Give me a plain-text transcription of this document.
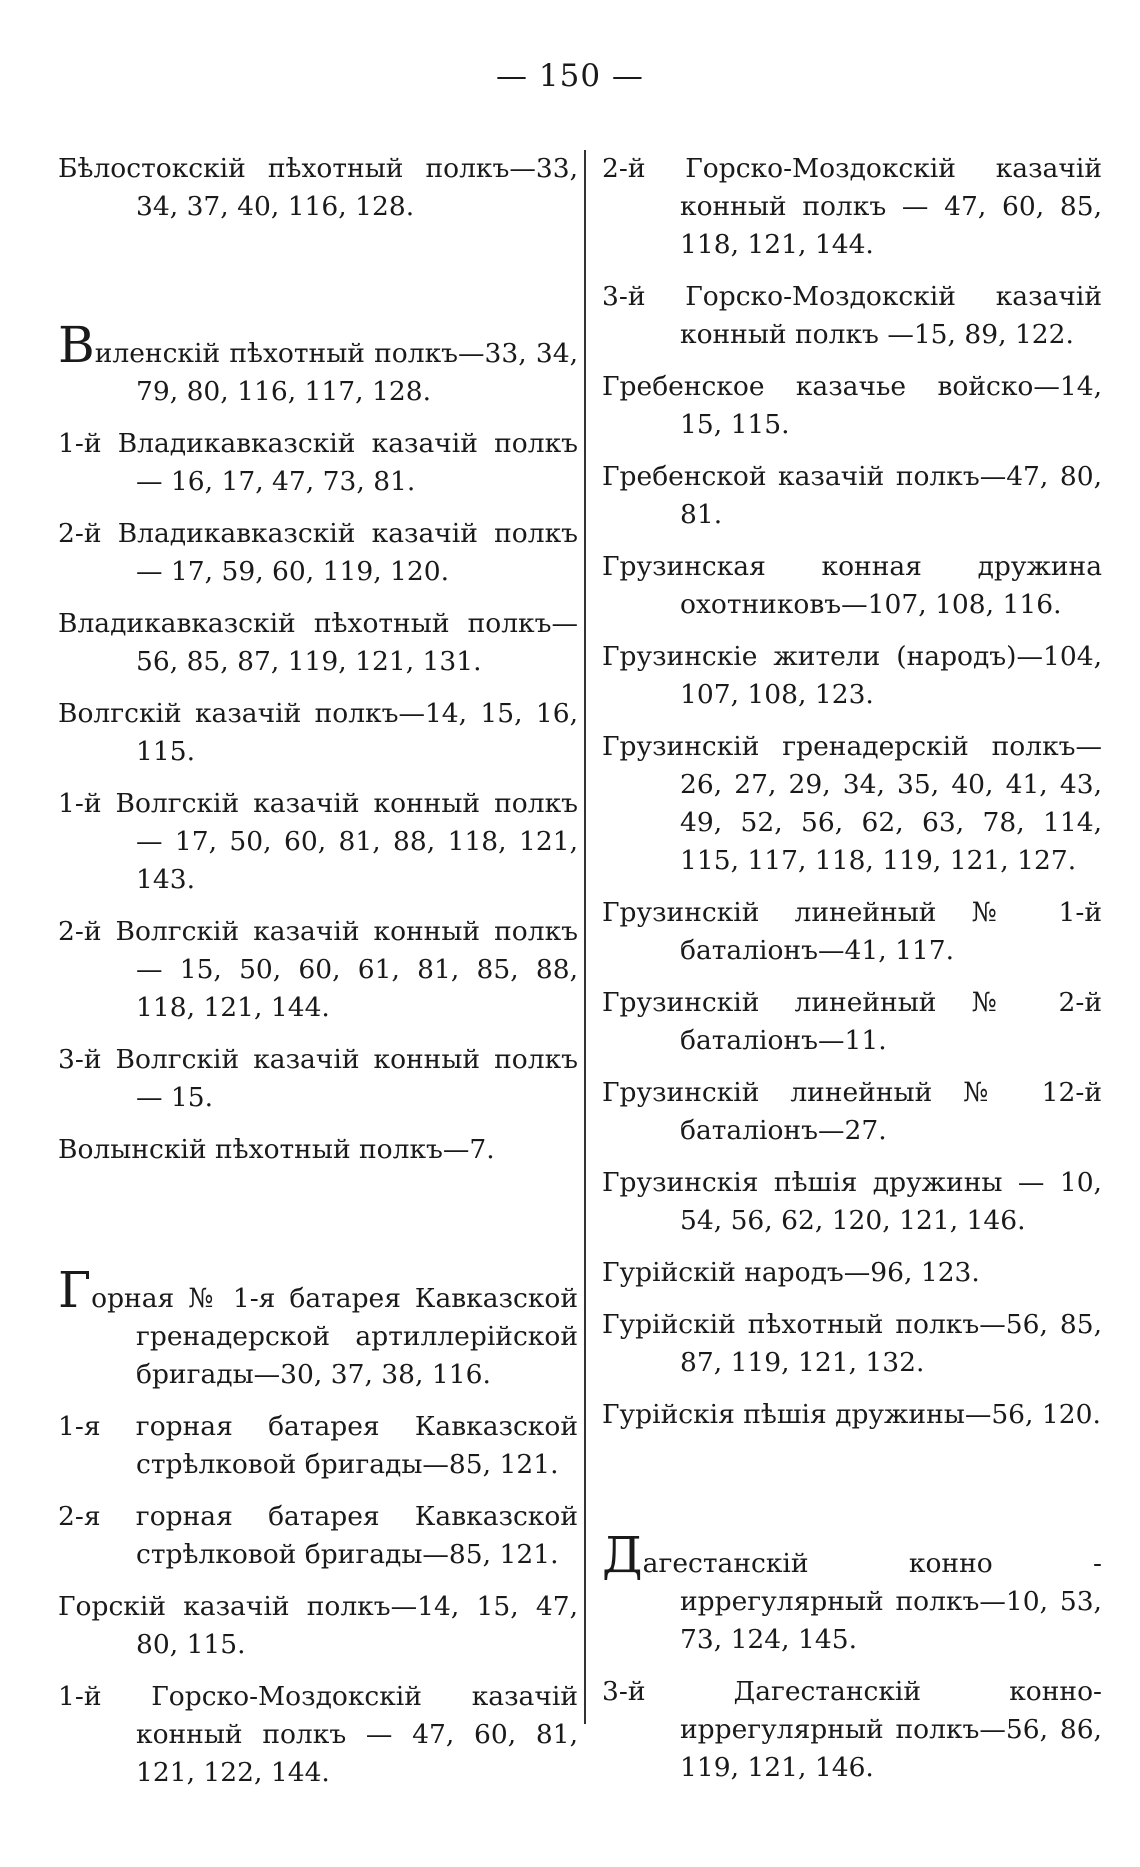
— 150 —
Бѣлостокскій пѣхотный полкъ—33, 34, 37, 40, 116, 128.
Виленскій пѣхотный полкъ—33, 34, 79, 80, 116, 117, 128.
1-й Владикавказскій казачій полкъ— 16, 17, 47, 73, 81.
2-й Владикавказскій казачій полкъ— 17, 59, 60, 119, 120.
Владикавказскій пѣхотный полкъ— 56, 85, 87, 119, 121, 131.
Волгскій казачій полкъ—14, 15, 16, 115.
1-й Волгскій казачій конный полкъ— 17, 50, 60, 81, 88, 118, 121, 143.
2-й Волгскій казачій конный полкъ— 15, 50, 60, 61, 81, 85, 88, 118, 121, 144.
3-й Волгскій казачій конный полкъ— 15.
Волынскій пѣхотный полкъ—7.
Горная № 1-я батарея Кавказской гренадерской артиллерійской бригады—30, 37, 38, 116.
1-я горная батарея Кавказской стрѣлковой бригады—85, 121.
2-я горная батарея Кавказской стрѣлковой бригады—85, 121.
Горскій казачій полкъ—14, 15, 47, 80, 115.
1-й Горско-Моздокскій казачій конный полкъ — 47, 60, 81, 121, 122, 144.
2-й Горско-Моздокскій казачій конный полкъ — 47, 60, 85, 118, 121, 144.
3-й Горско-Моздокскій казачій конный полкъ —15, 89, 122.
Гребенское казачье войско—14, 15, 115.
Гребенской казачій полкъ—47, 80, 81.
Грузинская конная дружина охотниковъ—107, 108, 116.
Грузинскіе жители (народъ)—104, 107, 108, 123.
Грузинскій гренадерскій полкъ—26, 27, 29, 34, 35, 40, 41, 43, 49, 52, 56, 62, 63, 78, 114, 115, 117, 118, 119, 121, 127.
Грузинскій линейный № 1-й баталіонъ—41, 117.
Грузинскій линейный № 2-й баталіонъ—11.
Грузинскій линейный № 12-й баталіонъ—27.
Грузинскія пѣшія дружины — 10, 54, 56, 62, 120, 121, 146.
Гурійскій народъ—96, 123.
Гурійскій пѣхотный полкъ—56, 85, 87, 119, 121, 132.
Гурійскія пѣшія дружины—56, 120.
Дагестанскій конно - иррегулярный полкъ—10, 53, 73, 124, 145.
3-й Дагестанскій конно-иррегулярный полкъ—56, 86, 119, 121, 146.
